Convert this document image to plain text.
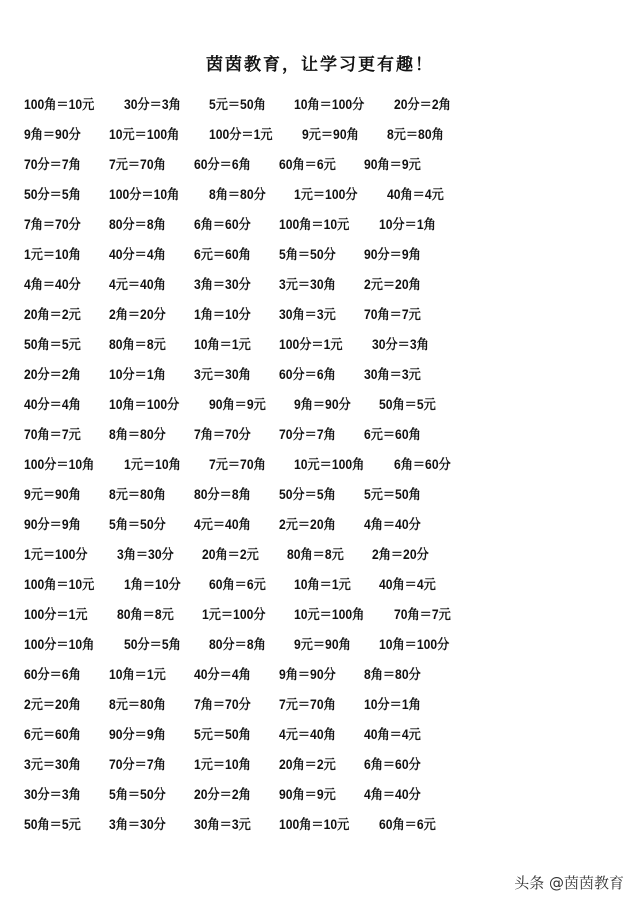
茵茵教育，让学习更有趣！
100角＝10元 30分＝3角 5元＝50角 10角＝100分 20分＝2角
9角＝90分 10元＝100角 100分＝1元 9元＝90角 8元＝80角
70分＝7角 7元＝70角 60分＝6角 60角＝6元 90角＝9元
50分＝5角 100分＝10角 8角＝80分 1元＝100分 40角＝4元
7角＝70分 80分＝8角 6角＝60分 100角＝10元 10分＝1角
1元＝10角 40分＝4角 6元＝60角 5角＝50分 90分＝9角
4角＝40分 4元＝40角 3角＝30分 3元＝30角 2元＝20角
20角＝2元 2角＝20分 1角＝10分 30角＝3元 70角＝7元
50角＝5元 80角＝8元 10角＝1元 100分＝1元 30分＝3角
20分＝2角 10分＝1角 3元＝30角 60分＝6角 30角＝3元
40分＝4角 10角＝100分 90角＝9元 9角＝90分 50角＝5元
70角＝7元 8角＝80分 7角＝70分 70分＝7角 6元＝60角
100分＝10角 1元＝10角 7元＝70角 10元＝100角 6角＝60分
9元＝90角 8元＝80角 80分＝8角 50分＝5角 5元＝50角
90分＝9角 5角＝50分 4元＝40角 2元＝20角 4角＝40分
1元＝100分 3角＝30分 20角＝2元 80角＝8元 2角＝20分
100角＝10元 1角＝10分 60角＝6元 10角＝1元 40角＝4元
100分＝1元 80角＝8元 1元＝100分 10元＝100角 70角＝7元
100分＝10角 50分＝5角 80分＝8角 9元＝90角 10角＝100分
60分＝6角 10角＝1元 40分＝4角 9角＝90分 8角＝80分
2元＝20角 8元＝80角 7角＝70分 7元＝70角 10分＝1角
6元＝60角 90分＝9角 5元＝50角 4元＝40角 40角＝4元
3元＝30角 70分＝7角 1元＝10角 20角＝2元 6角＝60分
30分＝3角 5角＝50分 20分＝2角 90角＝9元 4角＝40分
50角＝5元 3角＝30分 30角＝3元 100角＝10元 60角＝6元
头条 @茵茵教育
